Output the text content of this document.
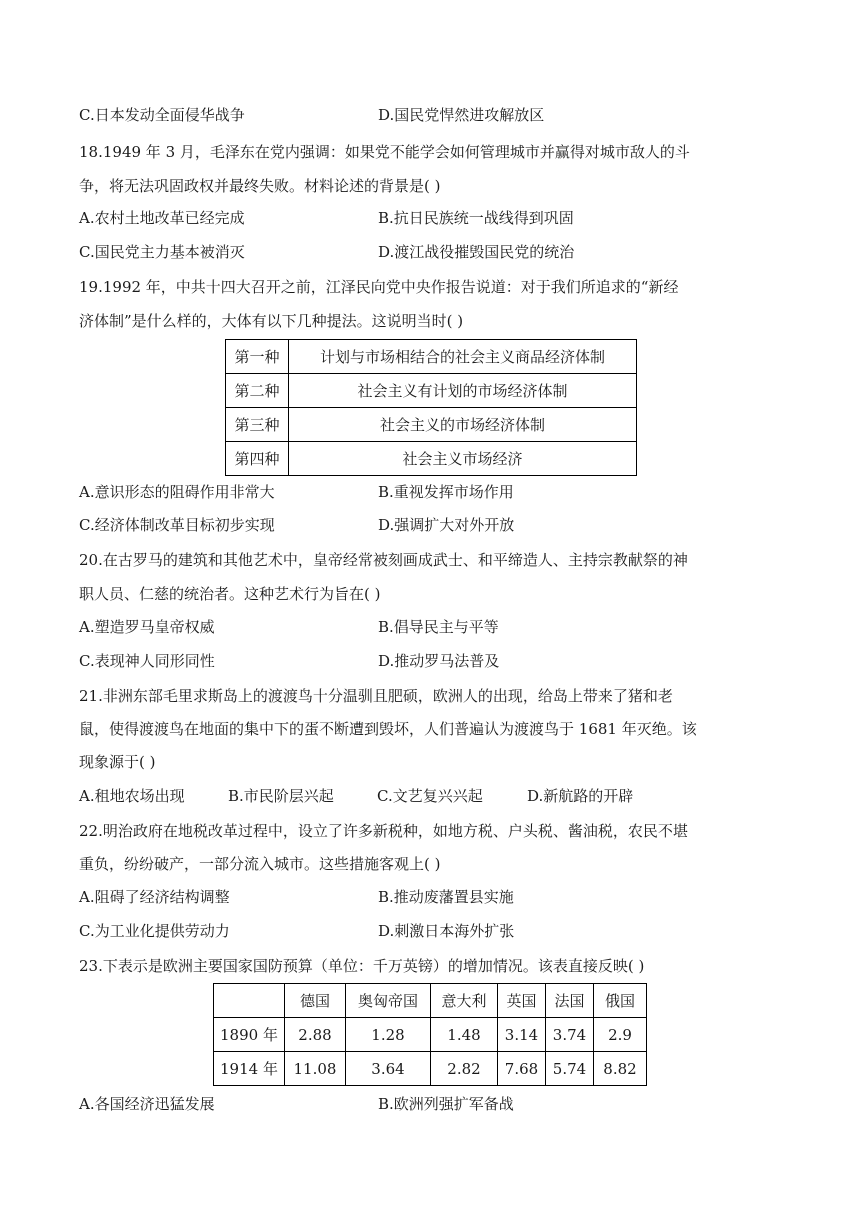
C.日本发动全面侵华战争	D.国民党悍然进攻解放区
18.1949 年 3 月，毛泽东在党内强调：如果党不能学会如何管理城市并赢得对城市敌人的斗
争，将无法巩固政权并最终失败。材料论述的背景是( )
A.农村土地改革已经完成	B.抗日民族统一战线得到巩固
C.国民党主力基本被消灭	D.渡江战役摧毁国民党的统治
19.1992 年，中共十四大召开之前，江泽民向党中央作报告说道：对于我们所追求的“新经
济体制”是什么样的，大体有以下几种提法。这说明当时( )
第一种	计划与市场相结合的社会主义商品经济体制
第二种	社会主义有计划的市场经济体制
第三种	社会主义的市场经济体制
第四种	社会主义市场经济
A.意识形态的阻碍作用非常大	B.重视发挥市场作用
C.经济体制改革目标初步实现	D.强调扩大对外开放
20.在古罗马的建筑和其他艺术中，皇帝经常被刻画成武士、和平缔造人、主持宗教献祭的神
职人员、仁慈的统治者。这种艺术行为旨在( )
A.塑造罗马皇帝权威	B.倡导民主与平等
C.表现神人同形同性	D.推动罗马法普及
21.非洲东部毛里求斯岛上的渡渡鸟十分温驯且肥硕，欧洲人的出现，给岛上带来了猪和老
鼠，使得渡渡鸟在地面的集中下的蛋不断遭到毁坏，人们普遍认为渡渡鸟于 1681 年灭绝。该
现象源于( )
A.租地农场出现	B.市民阶层兴起	C.文艺复兴兴起	D.新航路的开辟
22.明治政府在地税改革过程中，设立了许多新税种，如地方税、户头税、酱油税，农民不堪
重负，纷纷破产，一部分流入城市。这些措施客观上( )
A.阻碍了经济结构调整	B.推动废藩置县实施
C.为工业化提供劳动力	D.刺激日本海外扩张
23.下表示是欧洲主要国家国防预算（单位：千万英镑）的增加情况。该表直接反映( )
	德国	奥匈帝国	意大利	英国	法国	俄国
1890 年	2.88	1.28	1.48	3.14	3.74	2.9
1914 年	11.08	3.64	2.82	7.68	5.74	8.82
A.各国经济迅猛发展	B.欧洲列强扩军备战
